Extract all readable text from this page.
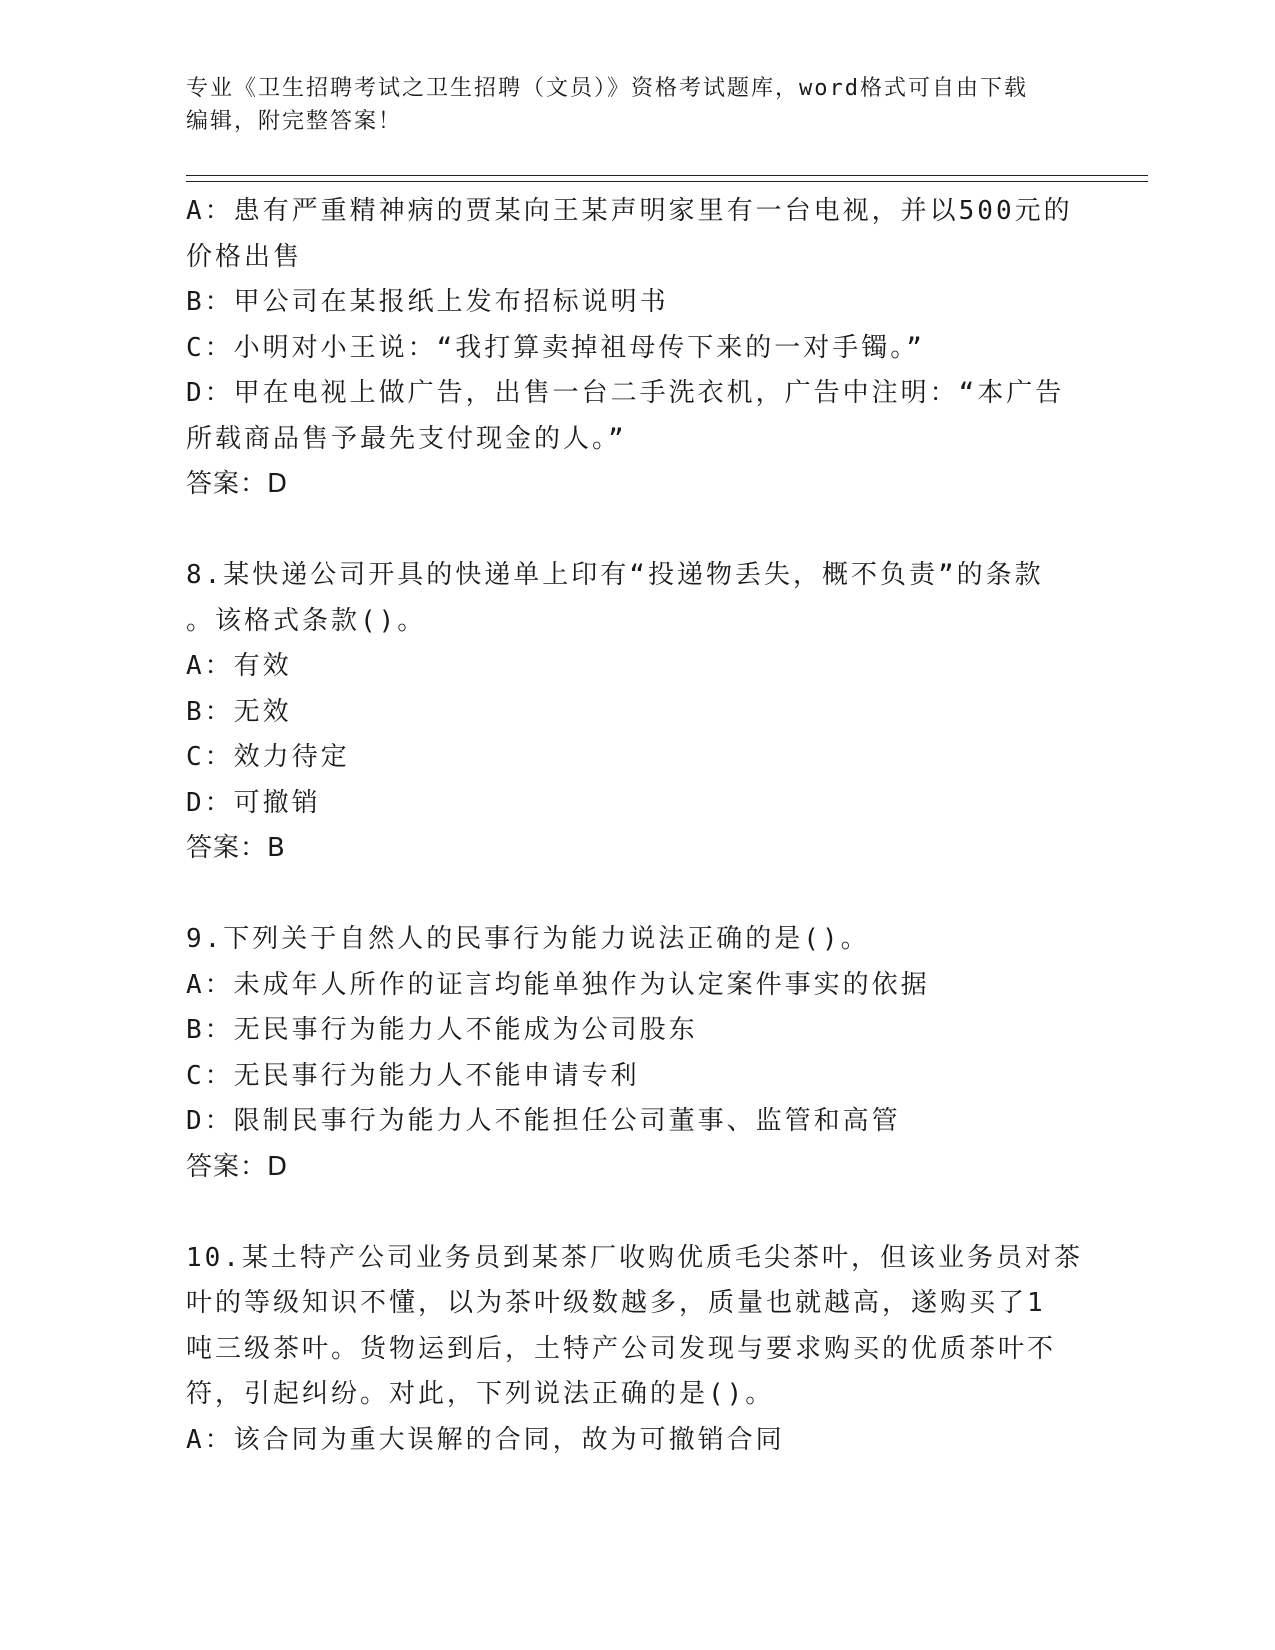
专业《卫生招聘考试之卫生招聘（文员）》资格考试题库，word格式可自由下载
编辑，附完整答案！
A：患有严重精神病的贾某向王某声明家里有一台电视，并以500元的
价格出售
B：甲公司在某报纸上发布招标说明书
C：小明对小王说：“我打算卖掉祖母传下来的一对手镯。”
D：甲在电视上做广告，出售一台二手洗衣机，广告中注明：“本广告
所载商品售予最先支付现金的人。”
答案：D
8.某快递公司开具的快递单上印有“投递物丢失，概不负责”的条款
。该格式条款()。
A：有效
B：无效
C：效力待定
D：可撤销
答案：B
9.下列关于自然人的民事行为能力说法正确的是()。
A：未成年人所作的证言均能单独作为认定案件事实的依据
B：无民事行为能力人不能成为公司股东
C：无民事行为能力人不能申请专利
D：限制民事行为能力人不能担任公司董事、监管和高管
答案：D
10.某土特产公司业务员到某茶厂收购优质毛尖茶叶，但该业务员对茶
叶的等级知识不懂，以为茶叶级数越多，质量也就越高，遂购买了1
吨三级茶叶。货物运到后，土特产公司发现与要求购买的优质茶叶不
符，引起纠纷。对此，下列说法正确的是()。
A：该合同为重大误解的合同，故为可撤销合同
